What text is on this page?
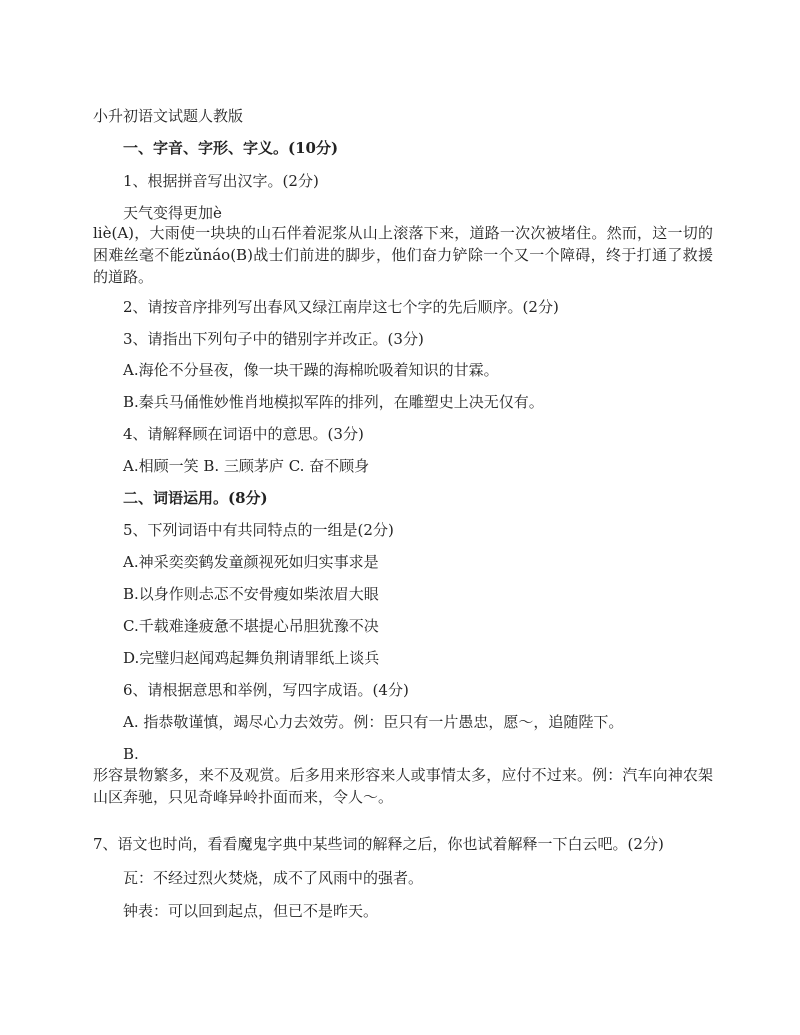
小升初语文试题人教版
一、字音、字形、字义。(10分)
1、根据拼音写出汉字。(2分)
天气变得更加è
liè(A)，大雨使一块块的山石伴着泥浆从山上滚落下来，道路一次次被堵住。然而，这一切的困难丝毫不能zǔnáo(B)战士们前进的脚步，他们奋力铲除一个又一个障碍，终于打通了救援的道路。
2、请按音序排列写出春风又绿江南岸这七个字的先后顺序。(2分)
3、请指出下列句子中的错别字并改正。(3分)
A.海伦不分昼夜，像一块干躁的海棉吮吸着知识的甘霖。
B.秦兵马俑惟妙惟肖地模拟军阵的排列，在雕塑史上决无仅有。
4、请解释顾在词语中的意思。(3分)
A.相顾一笑 B. 三顾茅庐 C. 奋不顾身
二、词语运用。(8分)
5、下列词语中有共同特点的一组是(2分)
A.神采奕奕鹤发童颜视死如归实事求是
B.以身作则忐忑不安骨瘦如柴浓眉大眼
C.千载难逢疲惫不堪提心吊胆犹豫不决
D.完璧归赵闻鸡起舞负荆请罪纸上谈兵
6、请根据意思和举例，写四字成语。(4分)
A. 指恭敬谨慎，竭尽心力去效劳。例：臣只有一片愚忠，愿～，追随陛下。
B.
形容景物繁多，来不及观赏。后多用来形容来人或事情太多，应付不过来。例：汽车向神农架山区奔驰，只见奇峰异岭扑面而来，令人～。
7、语文也时尚，看看魔鬼字典中某些词的解释之后，你也试着解释一下白云吧。(2分)
瓦：不经过烈火焚烧，成不了风雨中的强者。
钟表：可以回到起点，但已不是昨天。
